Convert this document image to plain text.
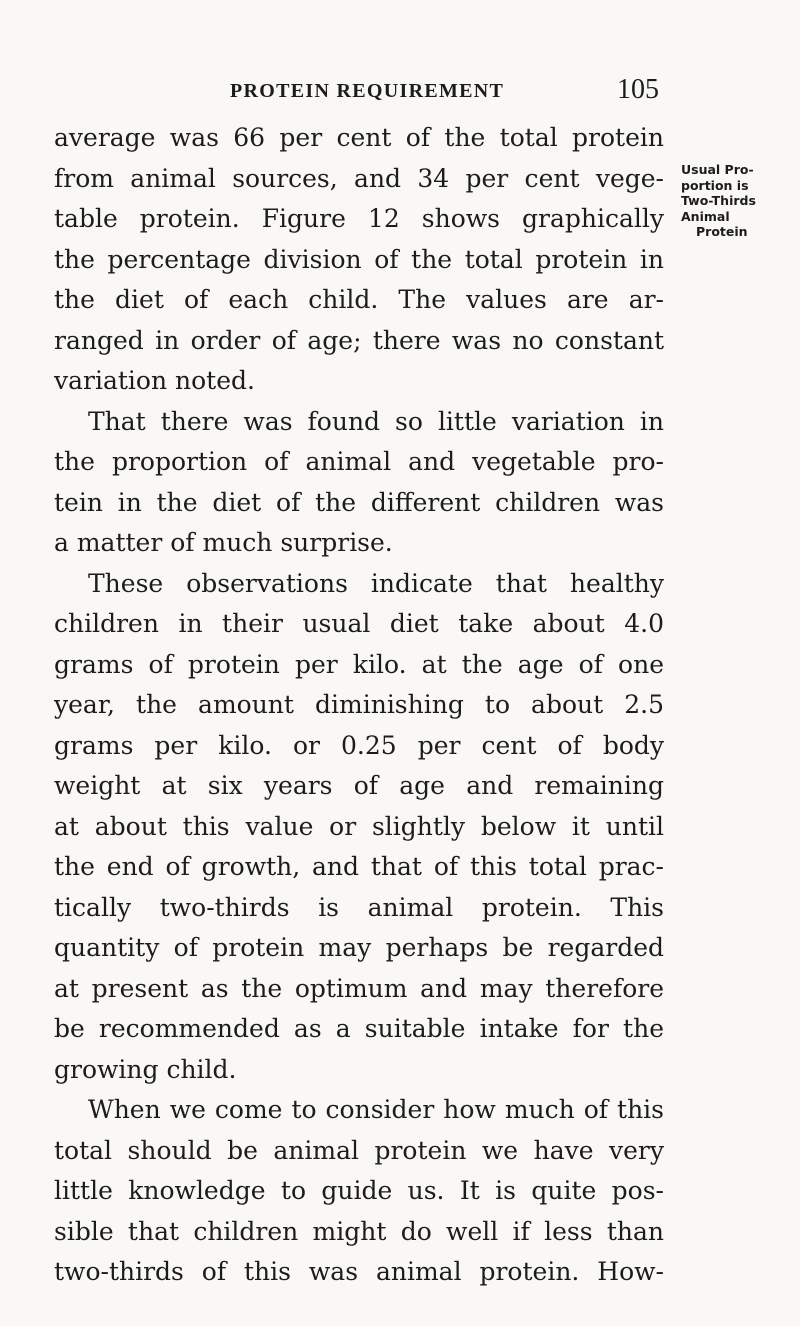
PROTEIN REQUIREMENT	105
Usual Pro-
portion is
Two-Thirds
Animal
Protein
average was 66 per cent of the total protein
from animal sources, and 34 per cent vege-
table protein. Figure 12 shows graphically
the percentage division of the total protein in
the diet of each child. The values are ar-
ranged in order of age; there was no constant
variation noted.
That there was found so little variation in
the proportion of animal and vegetable pro-
tein in the diet of the different children was
a matter of much surprise.
These observations indicate that healthy
children in their usual diet take about 4.0
grams of protein per kilo. at the age of one
year, the amount diminishing to about 2.5
grams per kilo. or 0.25 per cent of body
weight at six years of age and remaining
at about this value or slightly below it until
the end of growth, and that of this total prac-
tically two-thirds is animal protein. This
quantity of protein may perhaps be regarded
at present as the optimum and may therefore
be recommended as a suitable intake for the
growing child.
When we come to consider how much of this
total should be animal protein we have very
little knowledge to guide us. It is quite pos-
sible that children might do well if less than
two-thirds of this was animal protein. How-
